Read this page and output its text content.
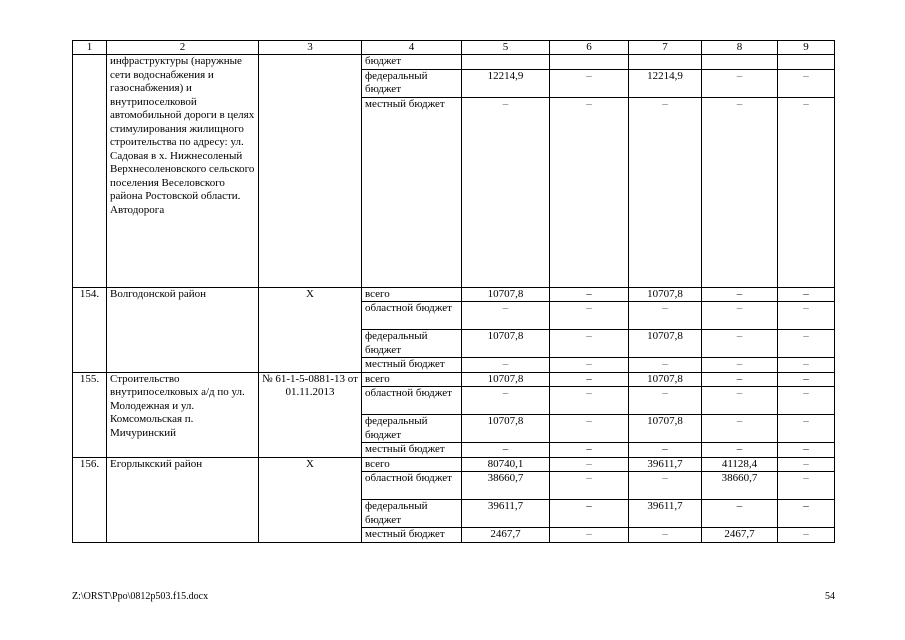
1	2	3	4	5	6	7	8	9
	инфраструктуры (наружные сети водоснабжения и газоснабжения) и внутрипоселковой автомобильной дороги в целях стимулирования жилищного строительства по адресу: ул. Садовая в х. Нижнесоленый Верхнесоленовского сельского поселения Веселовского района Ростовской области. Автодорога		бюджет					
			федеральный бюджет	12214,9	–	12214,9	–	–
			местный бюджет	–	–	–	–	–
154.	Волгодонской район	Х	всего	10707,8	–	10707,8	–	–
			областной бюджет	–	–	–	–	–
			федеральный бюджет	10707,8	–	10707,8	–	–
			местный бюджет	–	–	–	–	–
155.	Строительство внутрипоселковых а/д по ул. Молодежная и ул. Комсомольская п. Мичуринский	№ 61-1-5-0881-13 от 01.11.2013	всего	10707,8	–	10707,8	–	–
			областной бюджет	–	–	–	–	–
			федеральный бюджет	10707,8	–	10707,8	–	–
			местный бюджет	–	–	–	–	–
156.	Егорлыкский район	Х	всего	80740,1	–	39611,7	41128,4	–
			областной бюджет	38660,7	–	–	38660,7	–
			федеральный бюджет	39611,7	–	39611,7	–	–
			местный бюджет	2467,7	–	–	2467,7	–
Z:\ORST\Ppo\0812p503.f15.docx	54
